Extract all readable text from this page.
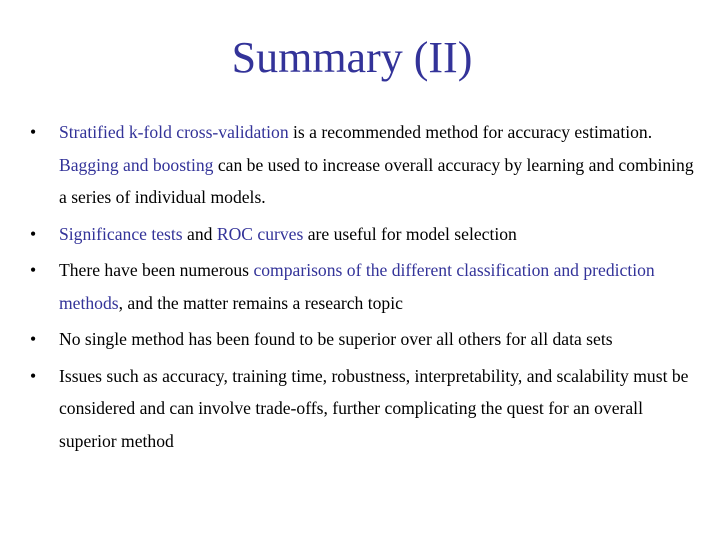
Summary (II)
• Stratified k-fold cross-validation is a recommended method for accuracy estimation. Bagging and boosting can be used to increase overall accuracy by learning and combining a series of individual models.
• Significance tests and ROC curves are useful for model selection
• There have been numerous comparisons of the different classification and prediction methods, and the matter remains a research topic
• No single method has been found to be superior over all others for all data sets
• Issues such as accuracy, training time, robustness, interpretability, and scalability must be considered and can involve trade-offs, further complicating the quest for an overall superior method
